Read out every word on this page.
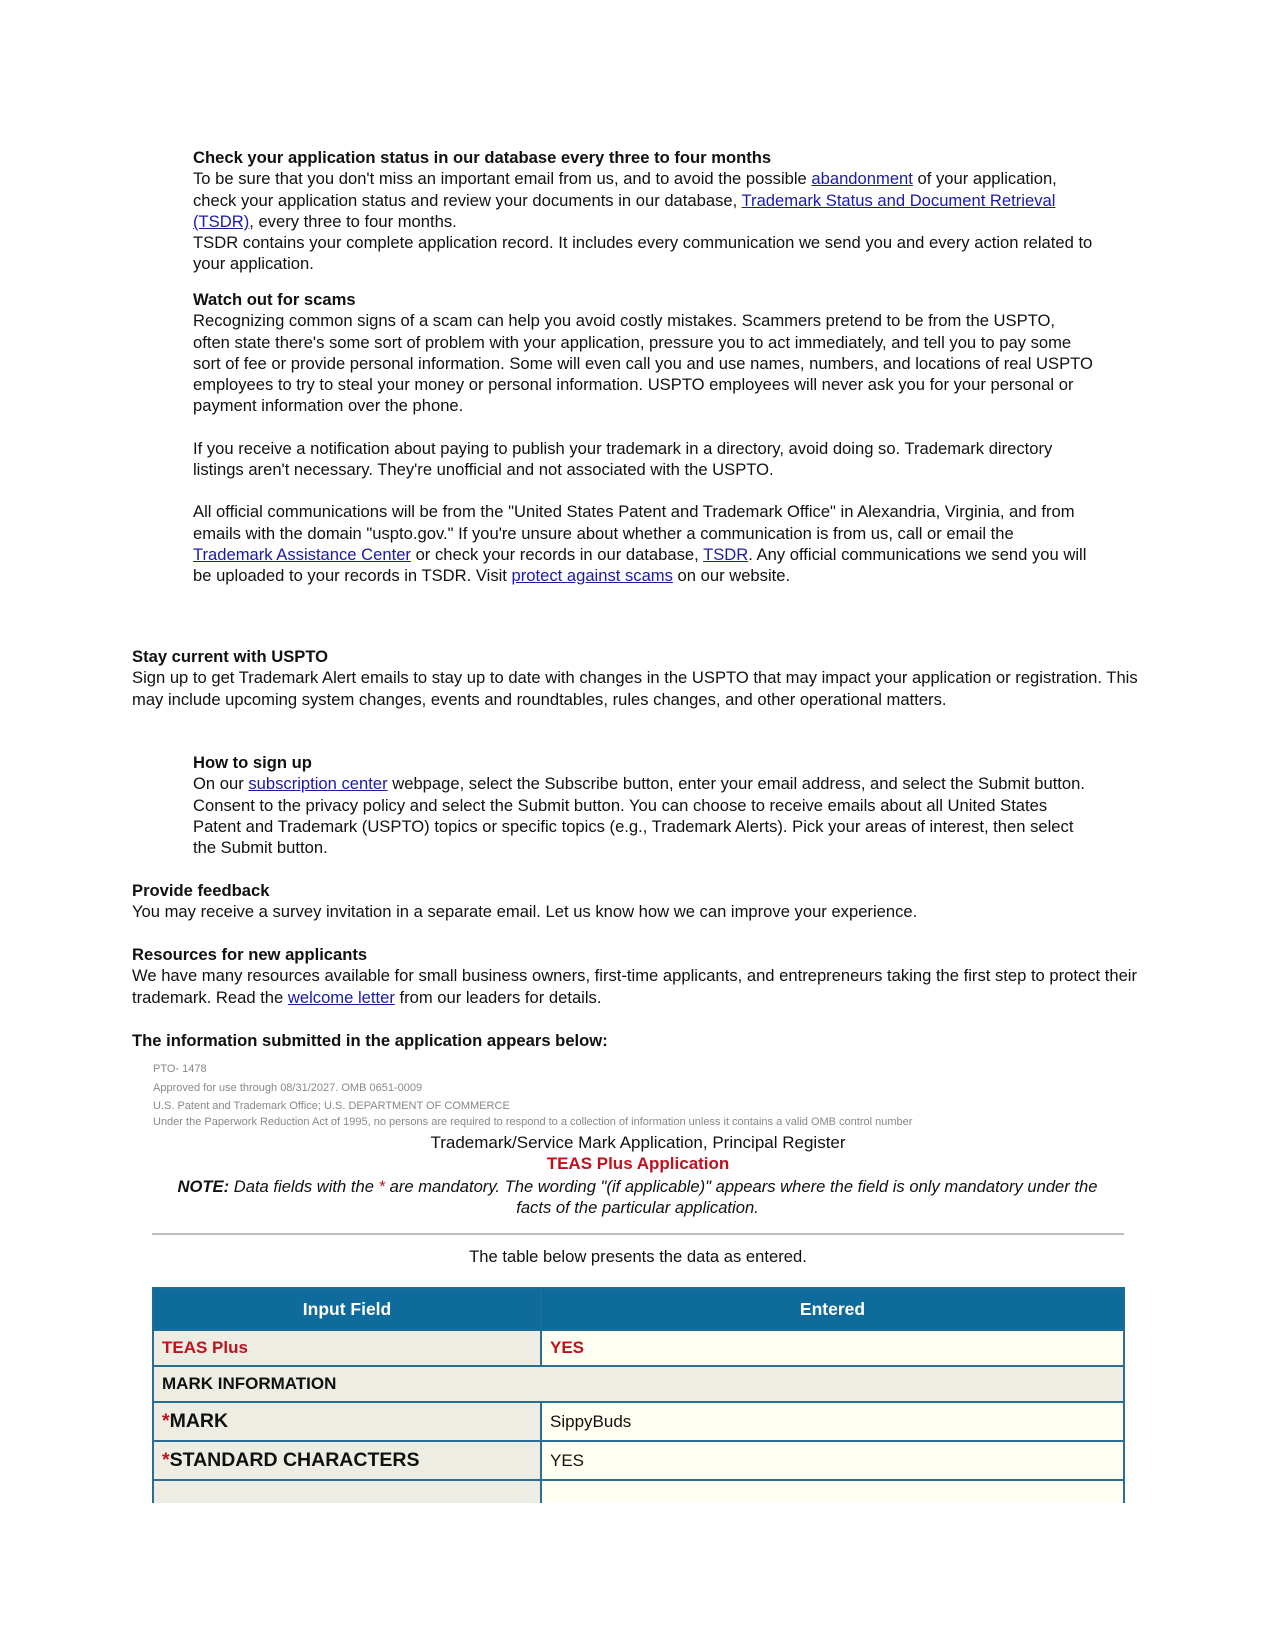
Check your application status in our database every three to four months
To be sure that you don't miss an important email from us, and to avoid the possible abandonment of your application, check your application status and review your documents in our database, Trademark Status and Document Retrieval (TSDR), every three to four months.
TSDR contains your complete application record. It includes every communication we send you and every action related to your application.
Watch out for scams
Recognizing common signs of a scam can help you avoid costly mistakes. Scammers pretend to be from the USPTO, often state there's some sort of problem with your application, pressure you to act immediately, and tell you to pay some sort of fee or provide personal information. Some will even call you and use names, numbers, and locations of real USPTO employees to try to steal your money or personal information. USPTO employees will never ask you for your personal or payment information over the phone.
If you receive a notification about paying to publish your trademark in a directory, avoid doing so. Trademark directory listings aren't necessary. They're unofficial and not associated with the USPTO.
All official communications will be from the "United States Patent and Trademark Office" in Alexandria, Virginia, and from emails with the domain "uspto.gov." If you're unsure about whether a communication is from us, call or email the Trademark Assistance Center or check your records in our database, TSDR. Any official communications we send you will be uploaded to your records in TSDR. Visit protect against scams on our website.
Stay current with USPTO
Sign up to get Trademark Alert emails to stay up to date with changes in the USPTO that may impact your application or registration. This may include upcoming system changes, events and roundtables, rules changes, and other operational matters.
How to sign up
On our subscription center webpage, select the Subscribe button, enter your email address, and select the Submit button. Consent to the privacy policy and select the Submit button. You can choose to receive emails about all United States Patent and Trademark (USPTO) topics or specific topics (e.g., Trademark Alerts). Pick your areas of interest, then select the Submit button.
Provide feedback
You may receive a survey invitation in a separate email. Let us know how we can improve your experience.
Resources for new applicants
We have many resources available for small business owners, first-time applicants, and entrepreneurs taking the first step to protect their trademark. Read the welcome letter from our leaders for details.
The information submitted in the application appears below:
PTO- 1478
Approved for use through 08/31/2027. OMB 0651-0009
U.S. Patent and Trademark Office; U.S. DEPARTMENT OF COMMERCE
Under the Paperwork Reduction Act of 1995, no persons are required to respond to a collection of information unless it contains a valid OMB control number
Trademark/Service Mark Application, Principal Register
TEAS Plus Application
NOTE: Data fields with the * are mandatory. The wording "(if applicable)" appears where the field is only mandatory under the facts of the particular application.
The table below presents the data as entered.
Input Field	Entered
TEAS Plus	YES
MARK INFORMATION	
*MARK	SippyBuds
*STANDARD CHARACTERS	YES
